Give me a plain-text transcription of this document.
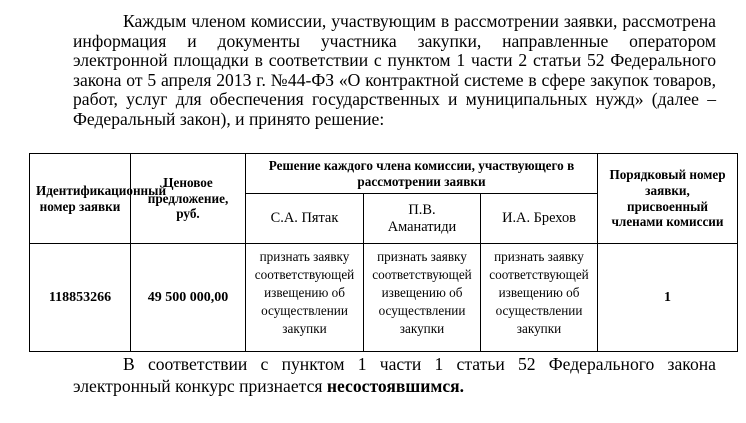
Каждым членом комиссии, участвующим в рассмотрении заявки, рассмотрена информация и документы участника закупки, направленные оператором электронной площадки в соответствии с пунктом 1 части 2 статьи 52 Федерального закона от 5 апреля 2013 г. №44-ФЗ «О контрактной системе в сфере закупок товаров, работ, услуг для обеспечения государственных и муниципальных нужд» (далее – Федеральный закон), и принято решение:

Идентификационный номер заявки	Ценовое предложение, руб.	Решение каждого члена комиссии, участвующего в рассмотрении заявки			Порядковый номер заявки, присвоенный членами комиссии
		С.А. Пятак	П.В. Аманатиди	И.А. Брехов	
118853266	49 500 000,00	признать заявку соответствующей извещению об осуществлении закупки	признать заявку соответствующей извещению об осуществлении закупки	признать заявку соответствующей извещению об осуществлении закупки	1

В соответствии с пунктом 1 части 1 статьи 52 Федерального закона электронный конкурс признается несостоявшимся.
